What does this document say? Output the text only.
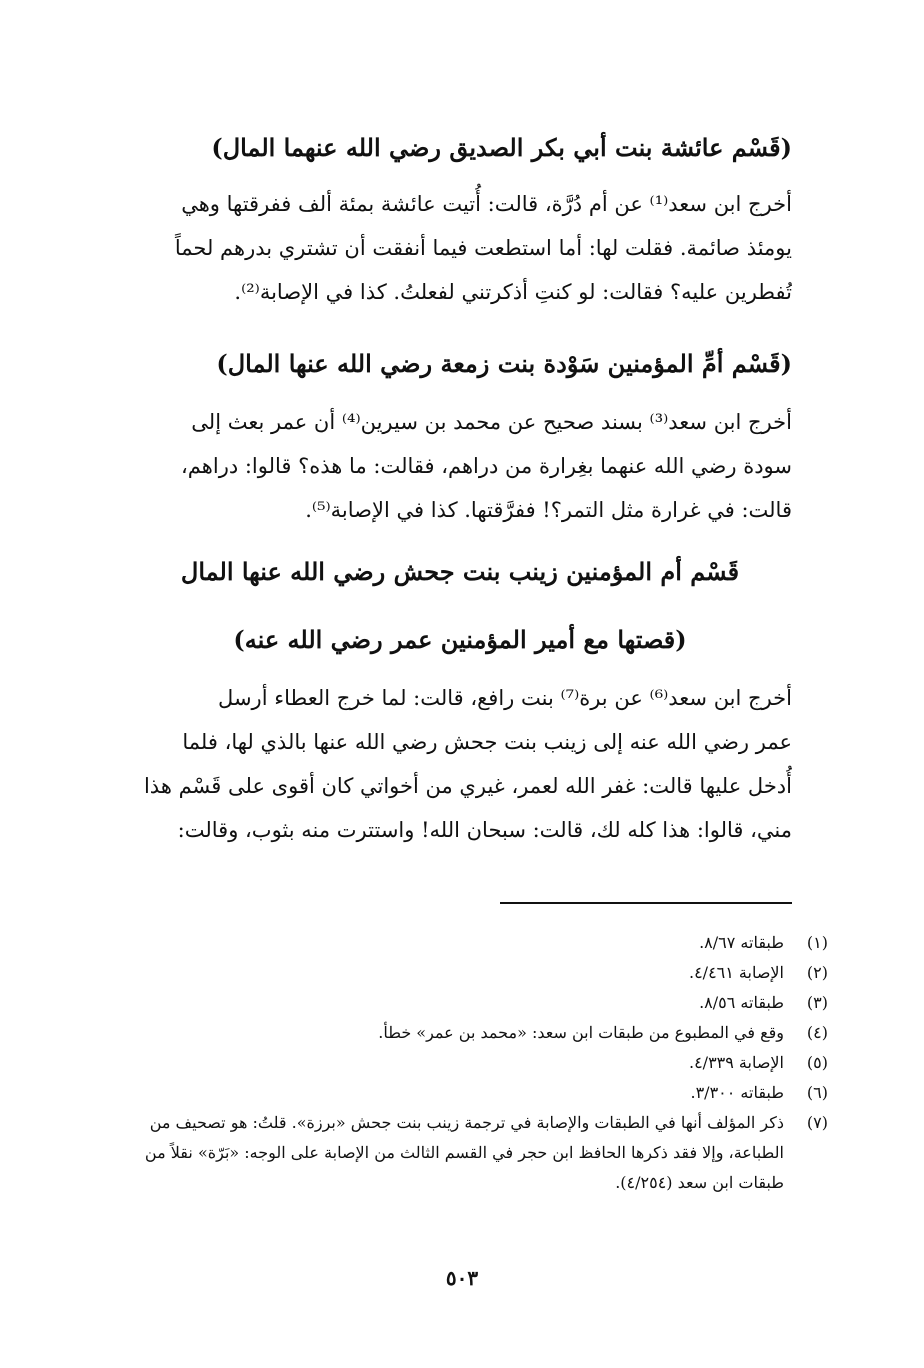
(قَسْم عائشة بنت أبي بكر الصديق رضي الله عنهما المال)
أخرج ابن سعد⁽¹⁾ عن أم دُرَّة، قالت: أُتيت عائشة بمئة ألف ففرقتها وهي
يومئذ صائمة. فقلت لها: أما استطعت فيما أنفقت أن تشتري بدرهم لحماً
تُفطرين عليه؟ فقالت: لو كنتِ أذكرتني لفعلتُ. كذا في الإصابة⁽²⁾.
(قَسْم أمِّ المؤمنين سَوْدة بنت زمعة رضي الله عنها المال)
أخرج ابن سعد⁽³⁾ بسند صحيح عن محمد بن سيرين⁽⁴⁾ أن عمر بعث إلى
سودة رضي الله عنهما بغِرارة من دراهم، فقالت: ما هذه؟ قالوا: دراهم،
قالت: في غرارة مثل التمر؟! ففرَّقتها. كذا في الإصابة⁽⁵⁾.
قَسْم أم المؤمنين زينب بنت جحش رضي الله عنها المال
(قصتها مع أمير المؤمنين عمر رضي الله عنه)
أخرج ابن سعد⁽⁶⁾ عن برة⁽⁷⁾ بنت رافع، قالت: لما خرج العطاء أرسل
عمر رضي الله عنه إلى زينب بنت جحش رضي الله عنها بالذي لها، فلما
أُدخل عليها قالت: غفر الله لعمر، غيري من أخواتي كان أقوى على قَسْم هذا
مني، قالوا: هذا كله لك، قالت: سبحان الله! واستترت منه بثوب، وقالت:
(١)
طبقاته ٨/٦٧.
(٢)
الإصابة ٤/٤٦١.
(٣)
طبقاته ٨/٥٦.
(٤)
وقع في المطبوع من طبقات ابن سعد: «محمد بن عمر» خطأ.
(٥)
الإصابة ٤/٣٣٩.
(٦)
طبقاته ٣/٣٠٠.
(٧)
ذكر المؤلف أنها في الطبقات والإصابة في ترجمة زينب بنت جحش «برزة». قلتُ: هو تصحيف من الطباعة، وإلا فقد ذكرها الحافظ ابن حجر في القسم الثالث من الإصابة على الوجه: «بَرّة» نقلاً من طبقات ابن سعد (٤/٢٥٤).
٥٠٣
